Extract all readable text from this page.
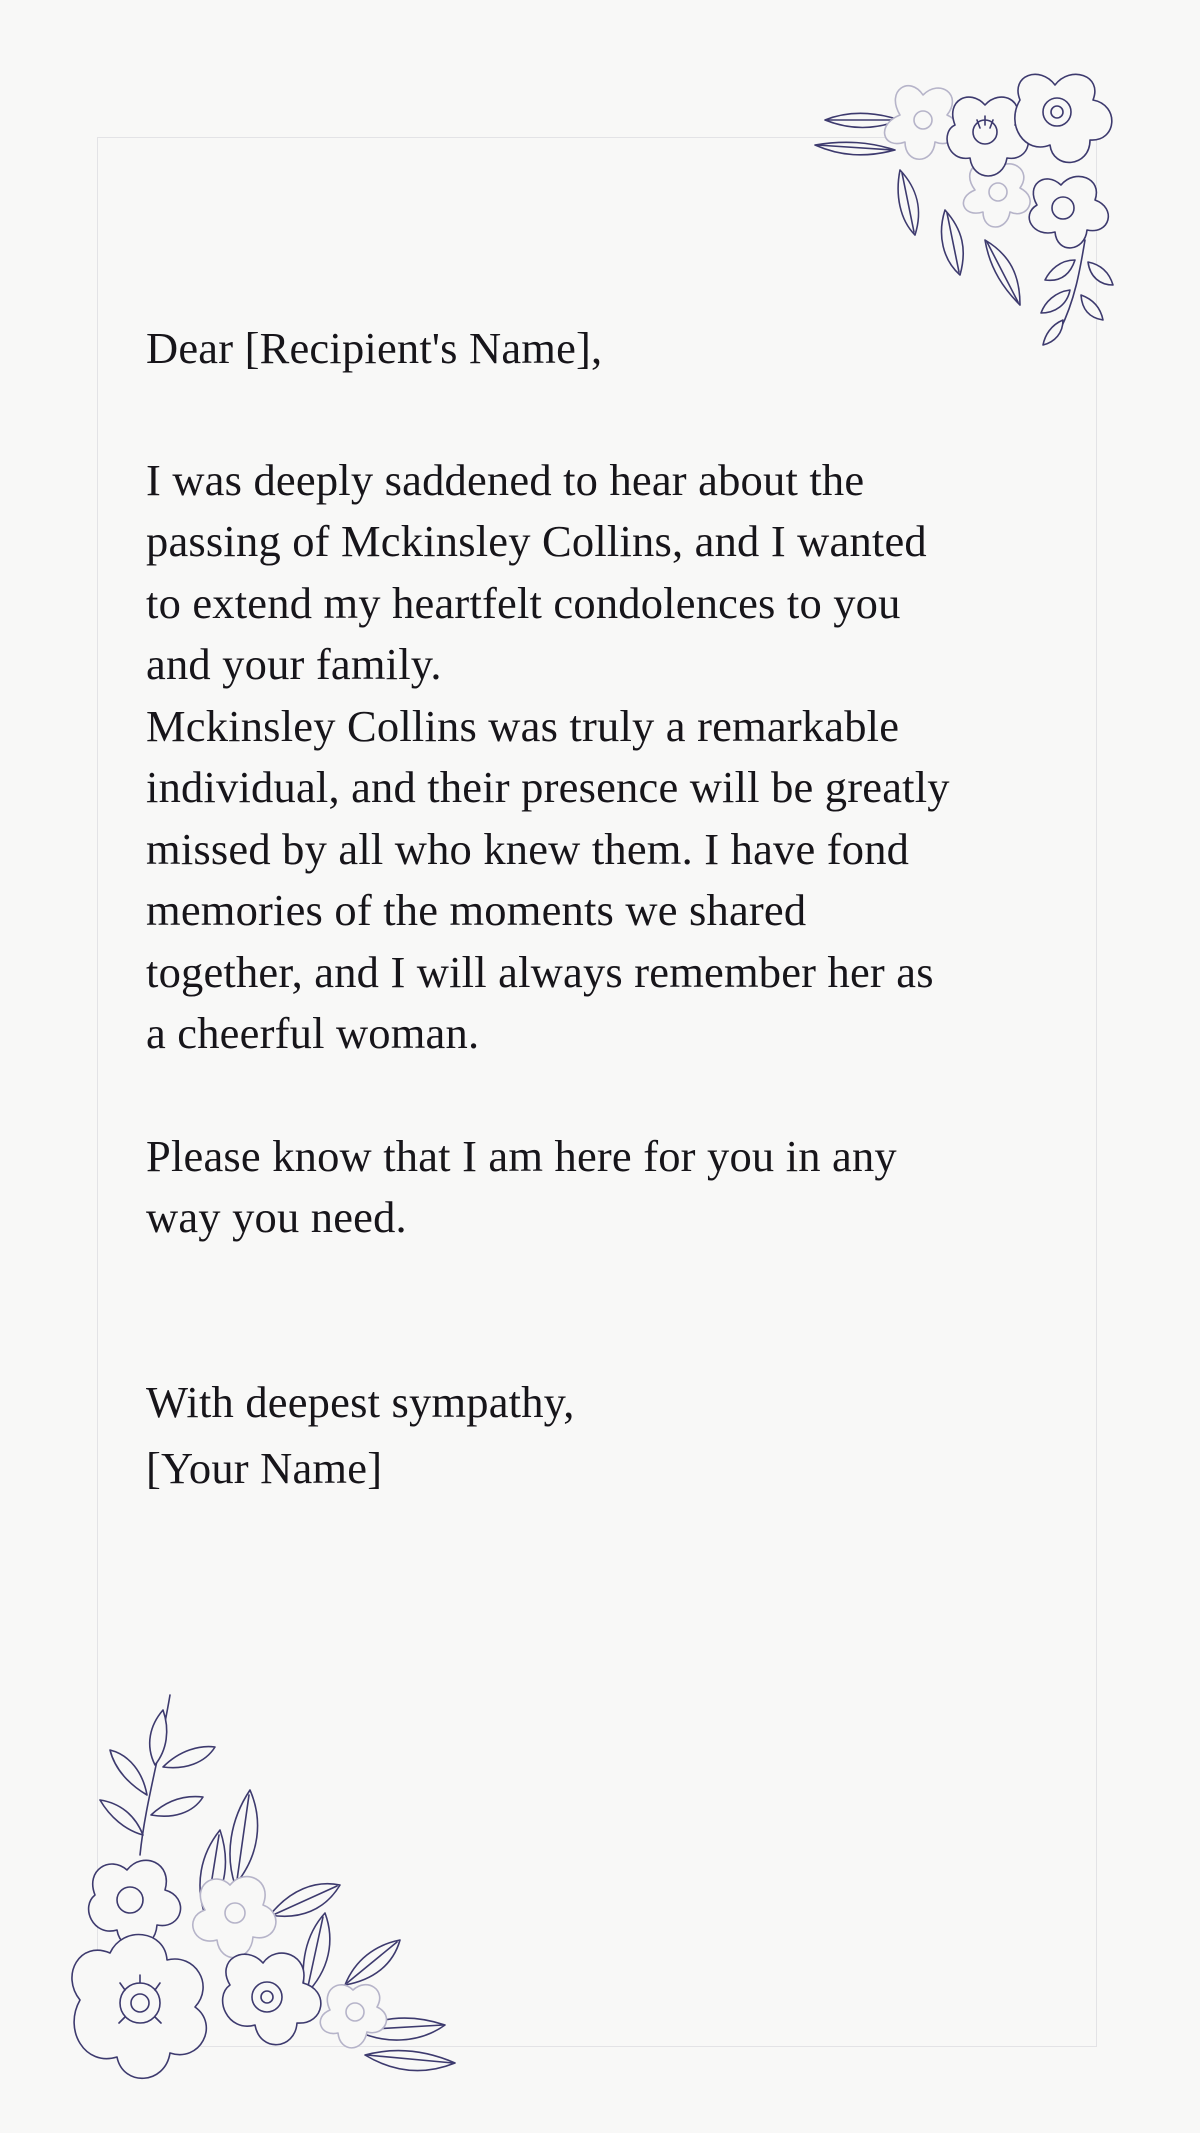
Dear [Recipient's Name],

I was deeply saddened to hear about the
passing of Mckinsley Collins, and I wanted
to extend my heartfelt condolences to you
and your family.

Mckinsley Collins was truly a remarkable
individual, and their presence will be greatly
missed by all who knew them. I have fond
memories of the moments we shared
together, and I will always remember her as
a cheerful woman.

Please know that I am here for you in any
way you need.

With deepest sympathy,

[Your Name]
